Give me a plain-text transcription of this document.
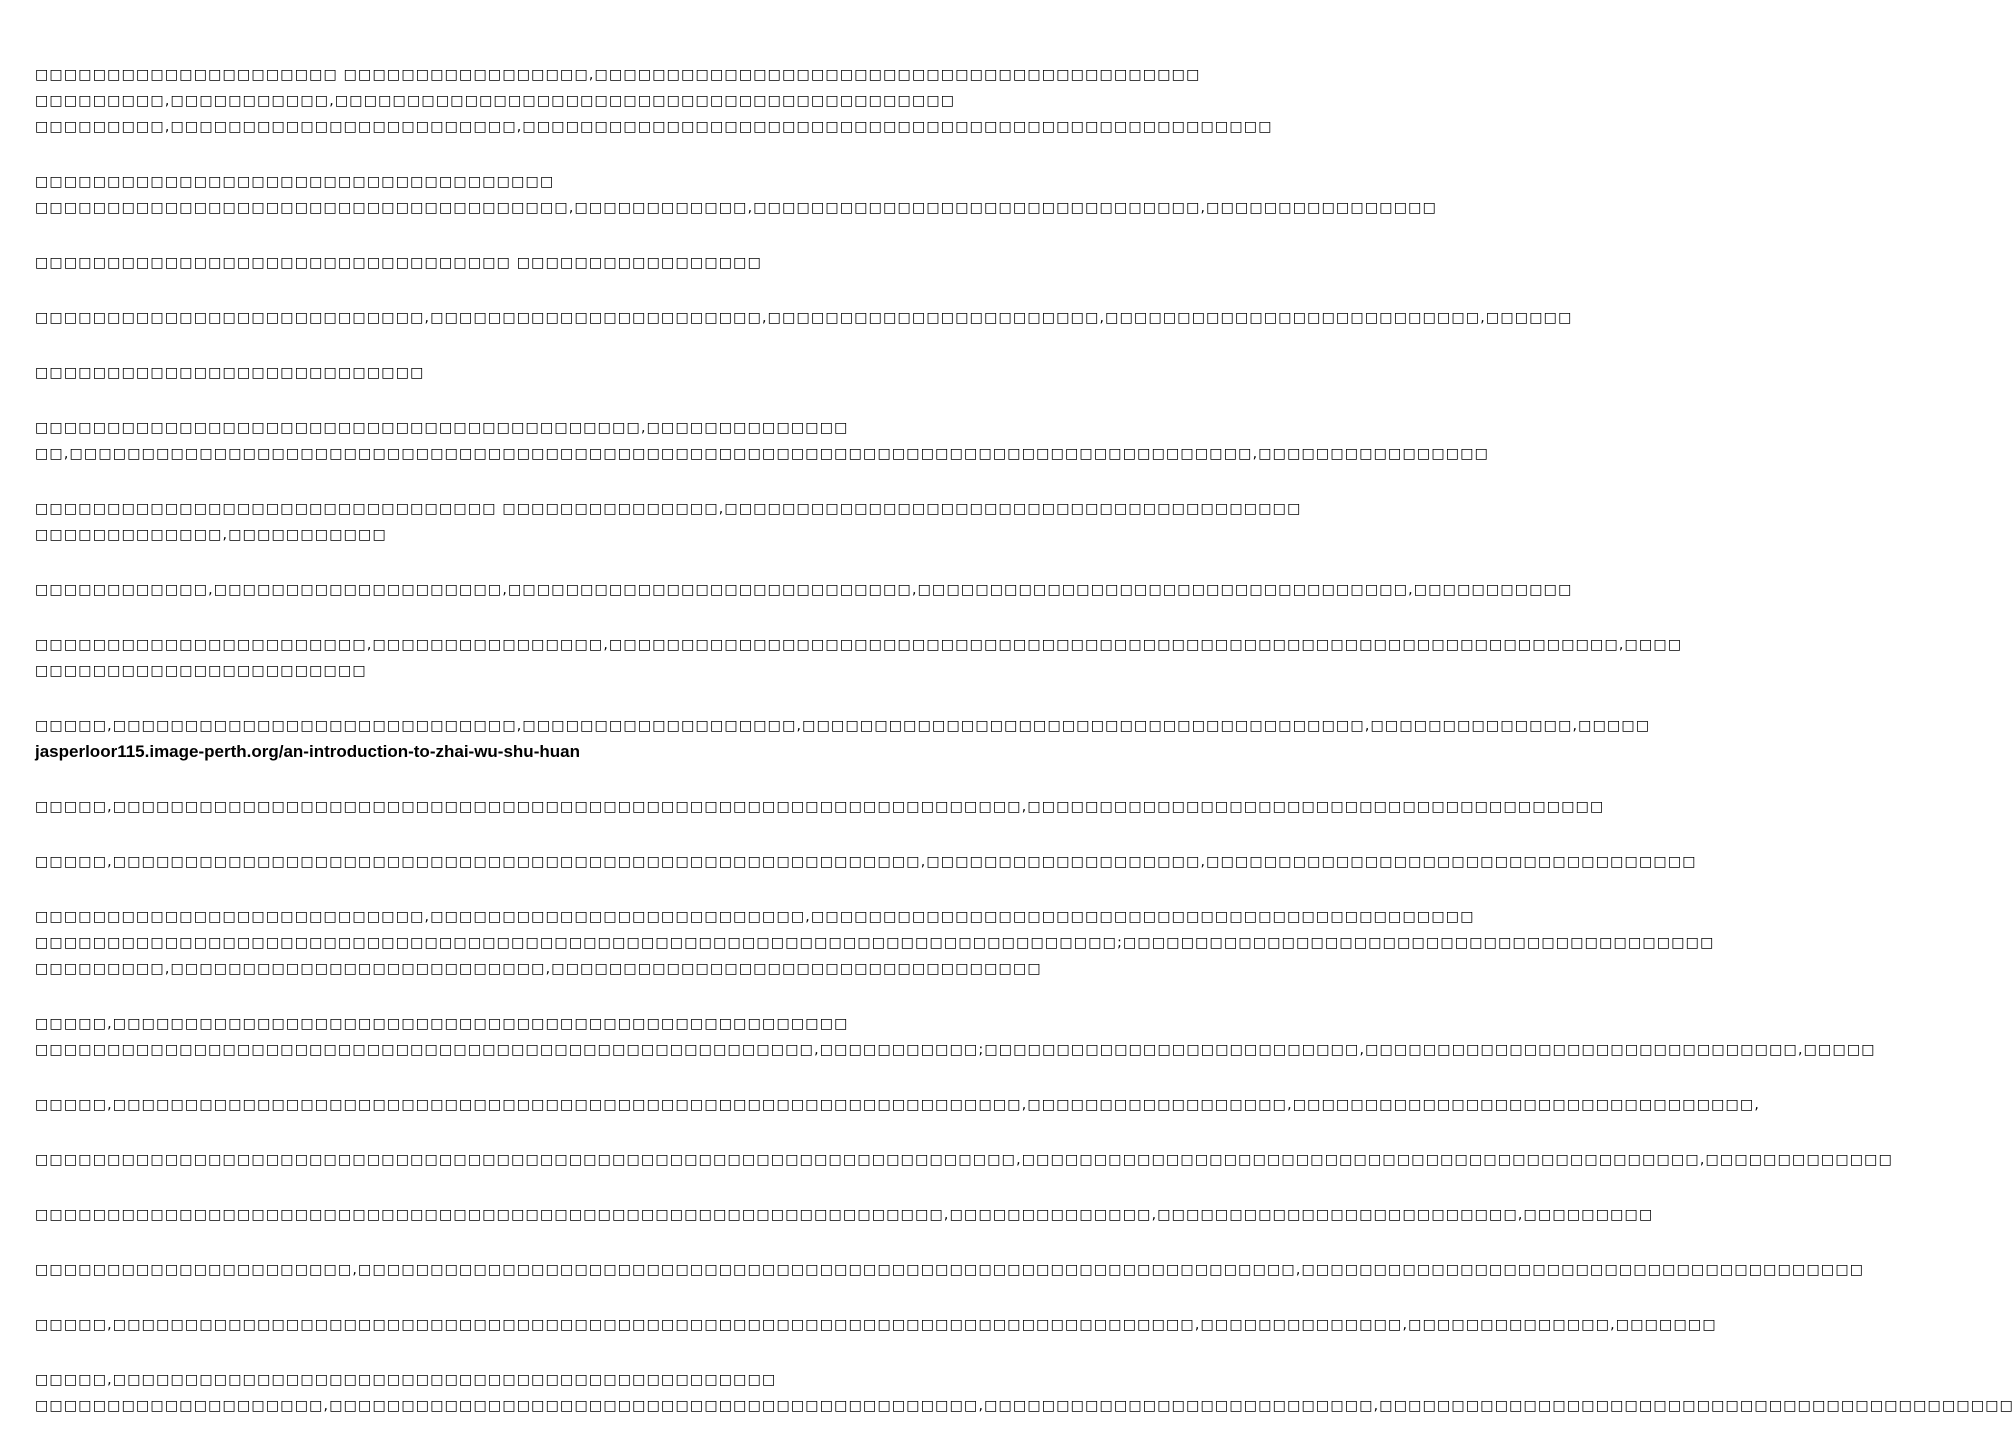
□□□□□□□□□□□□□□□□□□□□□ □□□□□□□□□□□□□□□□□,□□□□□□□□□□□□□□□□□□□□□□□□□□□□□□□□□□□□□□□□□□
□□□□□□□□□,□□□□□□□□□□□,□□□□□□□□□□□□□□□□□□□□□□□□□□□□□□□□□□□□□□□□□□□
□□□□□□□□□,□□□□□□□□□□□□□□□□□□□□□□□□,□□□□□□□□□□□□□□□□□□□□□□□□□□□□□□□□□□□□□□□□□□□□□□□□□□□□
□□□□□□□□□□□□□□□□□□□□□□□□□□□□□□□□□□□□
□□□□□□□□□□□□□□□□□□□□□□□□□□□□□□□□□□□□□,□□□□□□□□□□□□,□□□□□□□□□□□□□□□□□□□□□□□□□□□□□□□,□□□□□□□□□□□□□□□□
□□□□□□□□□□□□□□□□□□□□□□□□□□□□□□□□□ □□□□□□□□□□□□□□□□□
□□□□□□□□□□□□□□□□□□□□□□□□□□□,□□□□□□□□□□□□□□□□□□□□□□□,□□□□□□□□□□□□□□□□□□□□□□□,□□□□□□□□□□□□□□□□□□□□□□□□□□,□□□□□□
□□□□□□□□□□□□□□□□□□□□□□□□□□□
□□□□□□□□□□□□□□□□□□□□□□□□□□□□□□□□□□□□□□□□□□,□□□□□□□□□□□□□□
□□,□□□□□□□□□□□□□□□□□□□□□□□□□□□□□□□□□□□□□□□□□□□□□□□□□□□□□□□□□□□□□□□□□□□□□□□□□□□□□□□□□□,□□□□□□□□□□□□□□□□
□□□□□□□□□□□□□□□□□□□□□□□□□□□□□□□□ □□□□□□□□□□□□□□□,□□□□□□□□□□□□□□□□□□□□□□□□□□□□□□□□□□□□□□□□
□□□□□□□□□□□□□,□□□□□□□□□□□
□□□□□□□□□□□□,□□□□□□□□□□□□□□□□□□□□,□□□□□□□□□□□□□□□□□□□□□□□□□□□□,□□□□□□□□□□□□□□□□□□□□□□□□□□□□□□□□□□,□□□□□□□□□□□
□□□□□□□□□□□□□□□□□□□□□□□,□□□□□□□□□□□□□□□□,□□□□□□□□□□□□□□□□□□□□□□□□□□□□□□□□□□□□□□□□□□□□□□□□□□□□□□□□□□□□□□□□□□□□□□,□□□□
□□□□□□□□□□□□□□□□□□□□□□□
□□□□□,□□□□□□□□□□□□□□□□□□□□□□□□□□□□,□□□□□□□□□□□□□□□□□□□,□□□□□□□□□□□□□□□□□□□□□□□□□□□□□□□□□□□□□□□,□□□□□□□□□□□□□□,□□□□□
jasperloor115.image-perth.org/an-introduction-to-zhai-wu-shu-huan
□□□□□,□□□□□□□□□□□□□□□□□□□□□□□□□□□□□□□□□□□□□□□□□□□□□□□□□□□□□□□□□□□□□□□,□□□□□□□□□□□□□□□□□□□□□□□□□□□□□□□□□□□□□□□□
□□□□□,□□□□□□□□□□□□□□□□□□□□□□□□□□□□□□□□□□□□□□□□□□□□□□□□□□□□□□□□,□□□□□□□□□□□□□□□□□□□,□□□□□□□□□□□□□□□□□□□□□□□□□□□□□□□□□□
□□□□□□□□□□□□□□□□□□□□□□□□□□□,□□□□□□□□□□□□□□□□□□□□□□□□□□,□□□□□□□□□□□□□□□□□□□□□□□□□□□□□□□□□□□□□□□□□□□□□□
□□□□□□□□□□□□□□□□□□□□□□□□□□□□□□□□□□□□□□□□□□□□□□□□□□□□□□□□□□□□□□□□□□□□□□□□□□□;□□□□□□□□□□□□□□□□□□□□□□□□□□□□□□□□□□□□□□□□□
□□□□□□□□□,□□□□□□□□□□□□□□□□□□□□□□□□□□,□□□□□□□□□□□□□□□□□□□□□□□□□□□□□□□□□□
□□□□□,□□□□□□□□□□□□□□□□□□□□□□□□□□□□□□□□□□□□□□□□□□□□□□□□□□□
□□□□□□□□□□□□□□□□□□□□□□□□□□□□□□□□□□□□□□□□□□□□□□□□□□□□□□,□□□□□□□□□□□;□□□□□□□□□□□□□□□□□□□□□□□□□□,□□□□□□□□□□□□□□□□□□□□□□□□□□□□□□,□□□□□
□□□□□,□□□□□□□□□□□□□□□□□□□□□□□□□□□□□□□□□□□□□□□□□□□□□□□□□□□□□□□□□□□□□□□,□□□□□□□□□□□□□□□□□□,□□□□□□□□□□□□□□□□□□□□□□□□□□□□□□□□,
□□□□□□□□□□□□□□□□□□□□□□□□□□□□□□□□□□□□□□□□□□□□□□□□□□□□□□□□□□□□□□□□□□□□,□□□□□□□□□□□□□□□□□□□□□□□□□□□□□□□□□□□□□□□□□□□□□□□,□□□□□□□□□□□□□
□□□□□□□□□□□□□□□□□□□□□□□□□□□□□□□□□□□□□□□□□□□□□□□□□□□□□□□□□□□□□□□,□□□□□□□□□□□□□□,□□□□□□□□□□□□□□□□□□□□□□□□□,□□□□□□□□□
□□□□□□□□□□□□□□□□□□□□□□,□□□□□□□□□□□□□□□□□□□□□□□□□□□□□□□□□□□□□□□□□□□□□□□□□□□□□□□□□□□□□□□□□,□□□□□□□□□□□□□□□□□□□□□□□□□□□□□□□□□□□□□□□
□□□□□,□□□□□□□□□□□□□□□□□□□□□□□□□□□□□□□□□□□□□□□□□□□□□□□□□□□□□□□□□□□□□□□□□□□□□□□□□□□,□□□□□□□□□□□□□□,□□□□□□□□□□□□□□,□□□□□□□
□□□□□,□□□□□□□□□□□□□□□□□□□□□□□□□□□□□□□□□□□□□□□□□□□□□□
□□□□□□□□□□□□□□□□□□□□,□□□□□□□□□□□□□□□□□□□□□□□□□□□□□□□□□□□□□□□□□□□□□,□□□□□□□□□□□□□□□□□□□□□□□□□□□,□□□□□□□□□□□□□□□□□□□□□□□□□□□□□□□□□□□□□□□□□□□□
